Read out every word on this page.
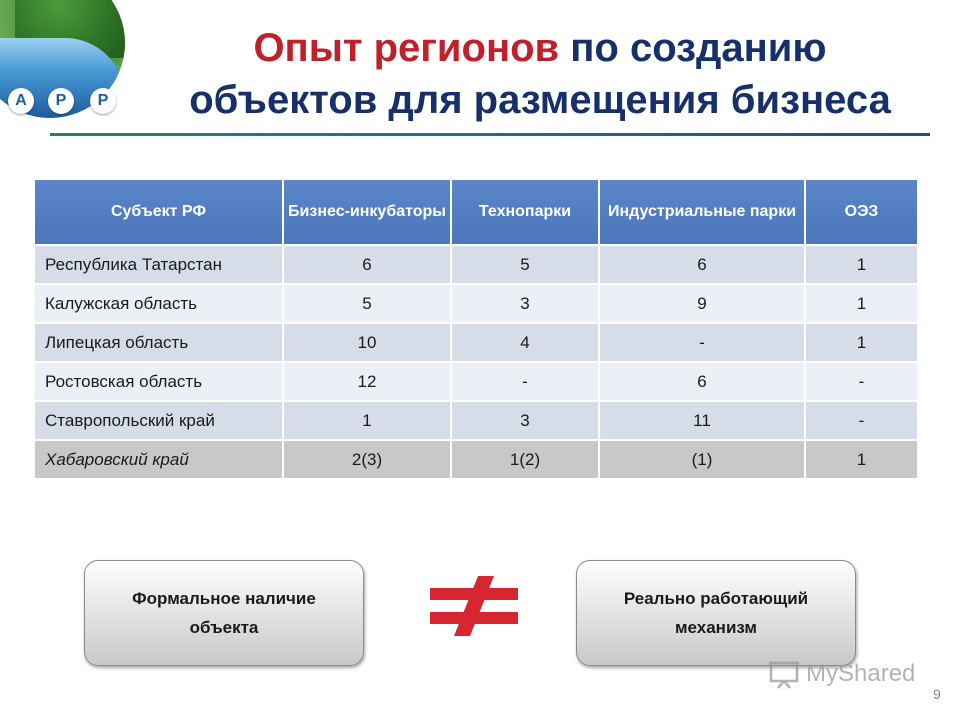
A	P	P
Опыт регионов по созданию
объектов для размещения бизнеса
Субъект РФ	Бизнес-инкубаторы	Технопарки	Индустриальные парки	ОЭЗ
Республика Татарстан	6	5	6	1
Калужская область	5	3	9	1
Липецкая область	10	4	-	1
Ростовская область	12	-	6	-
Ставропольский край	1	3	11	-
Хабаровский край	2(3)	1(2)	(1)	1
Формальное наличие объекта
Реально работающий механизм
MyShared
9
